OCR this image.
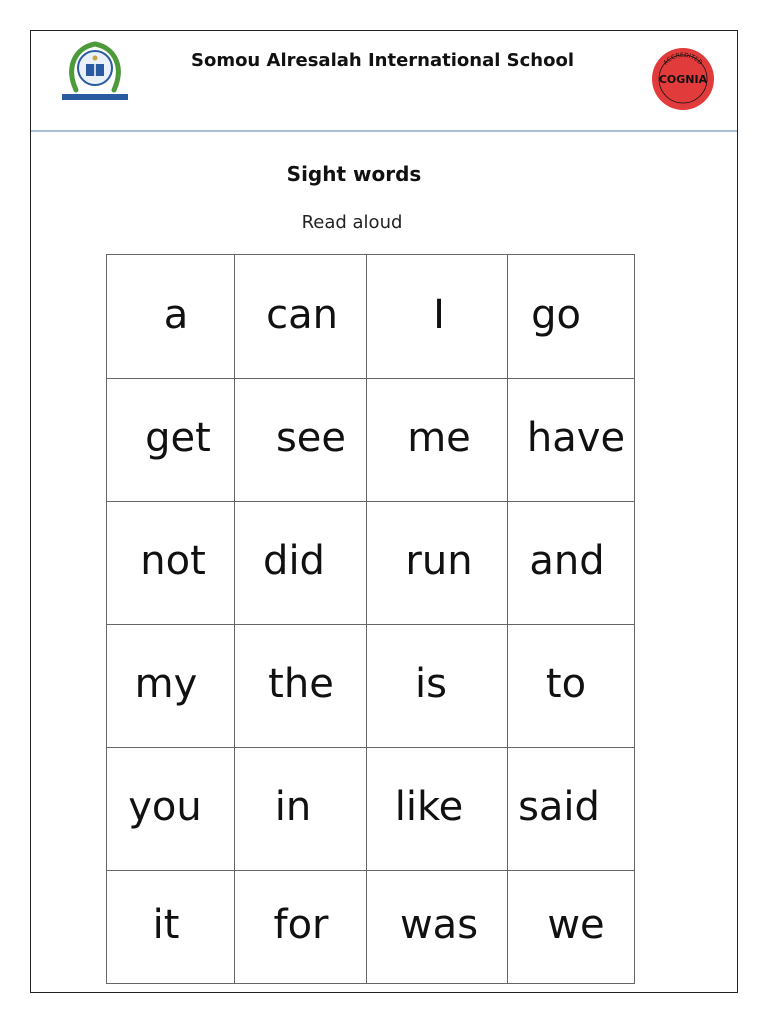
Somou Alresalah International School	ACCREDITED
COGNIA
Sight words
Read aloud
a	can	I	go

get	see	me	have

not	did	run	and

my	the	is	to

you	in	like	said

it	for	was	we
